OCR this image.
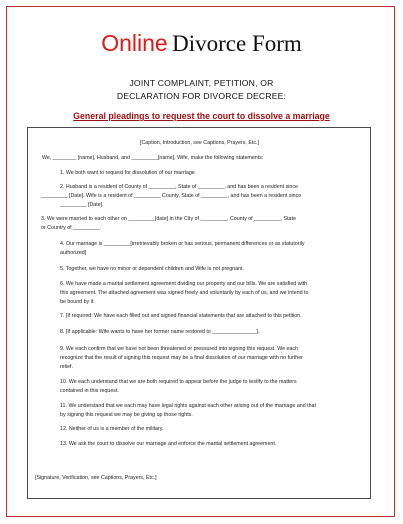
Online Divorce Form
JOINT COMPLAINT, PETITION, OR
DECLARATION FOR DIVORCE DECREE:
General pleadings to request the court to dissolve a marriage
[Caption, Introduction, see Captions, Prayers, Etc.]
We, ________ [name], Husband, and _________[name], Wife, make the following statements:
1. We both want to request for dissolution of our marriage.
2. Husband is a resident of County of _________, State of _________, and has been a resident since
_________ [Date]. Wife is a resident of _________ County, State of _________, and has been a resident since
_________ [Date].
3. We were married to each other on _________[date] in the City of _________, County of _________, State
or Country of _________.
4. Our marriage is _________[irretrievably broken or has serious, permanent differences or as statutorily
authorized]
5. Together, we have no minor or dependent children and Wife is not pregnant.
6. We have made a marital settlement agreement dividing our property and our bills. We are satisfied with
this agreement. The attached agreement was signed freely and voluntarily by each of us, and we intend to
be bound by it.
7. [If required: We have each filled out and signed financial statements that are attached to this petition.
8. [If applicable: Wife wants to have her former name restored to _______________].
9. We each confirm that we have not been threatened or pressured into signing this request. We each
recognize that the result of signing this request may be a final dissolution of our marriage with no further
relief.
10. We each understand that we are both required to appear before the judge to testify to the matters
contained in this request.
11. We understand that we each may have legal rights against each other arising out of the marriage and that
by signing this request we may be giving up those rights.
12. Neither of us is a member of the military.
13. We ask the court to dissolve our marriage and enforce the marital settlement agreement.
[Signature, Verification, see Captions, Prayers, Etc.]
